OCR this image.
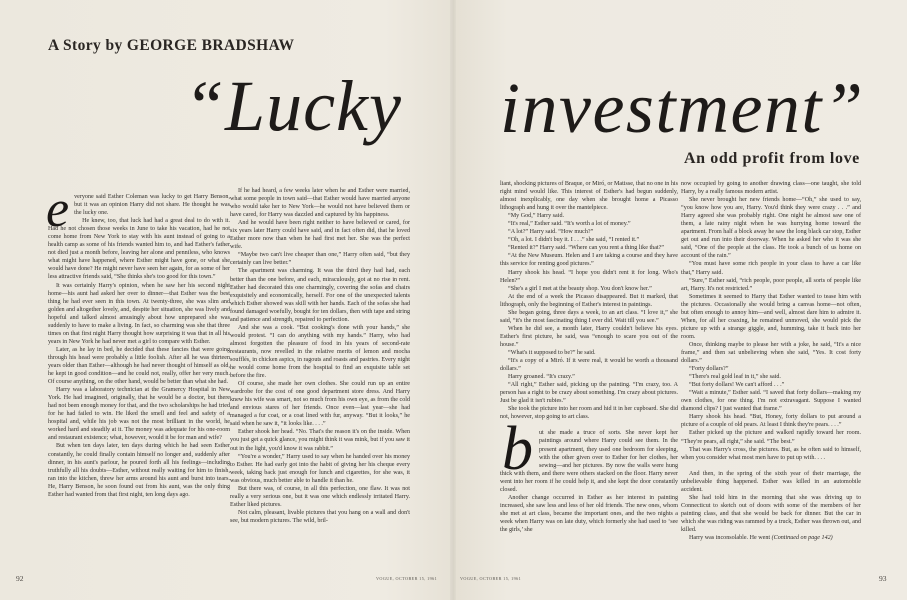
A Story by GEORGE BRADSHAW
“Lucky investment”
An odd profit from love
e veryone said Esther Coleman was lucky to get Harry Benson, but it was an opinion Harry did not share. He thought he was the lucky one.

He knew, too, that luck had had a great deal to do with it. Had he not chosen those weeks in June to take his vacation, had he not come home from New York to stay with his aunt instead of going to a health camp as some of his friends wanted him to, and had Esther's father not died just a month before, leaving her alone and penniless, who knows what might have happened, where Esther might have gone, or what she would have done? He might never have seen her again, for as some of her less attractive friends said, “She thinks she's too good for this town.”

It was certainly Harry's opinion, when he saw her his second night home—his aunt had asked her over to dinner—that Esther was the best thing he had ever seen in this town. At twenty-three, she was slim and golden and altogether lovely, and, despite her situation, she was lively and hopeful and talked almost amusingly about how unprepared she was suddenly to have to make a living. In fact, so charming was she that three times on that first night Harry thought how surprising it was that in all his years in New York he had never met a girl to compare with Esther.

Later, as he lay in bed, he decided that these fancies that were going through his head were probably a little foolish. After all he was thirteen years older than Esther—although he had never thought of himself as old, he kept in good condition—and he could not, really, offer her very much. Of course anything, on the other hand, would be better than what she had.

Harry was a laboratory technician at the Gramercy Hospital in New York. He had imagined, originally, that he would be a doctor, but there had not been enough money for that, and the two scholarships he had tried for he had failed to win. He liked the smell and feel and safety of a hospital and, while his job was not the most brilliant in the world, he worked hard and steadily at it. The money was adequate for his one-room and restaurant existence; what, however, would it be for man and wife?

But when ten days later, ten days during which he had seen Esther constantly, he could finally contain himself no longer and, suddenly after dinner, in his aunt's parlour, he poured forth all his feelings—including truthfully all his doubts—Esther, without really waiting for him to finish, ran into the kitchen, threw her arms around his aunt and burst into tears. He, Harry Benson, he soon found out from his aunt, was the only thing Esther had wanted from that first night, ten long days ago.

If he had heard, a few weeks later when he and Esther were married, what some people in town said—that Esther would have married anyone who would take her to New York—he would not have believed them or have cared, for Harry was dazzled and captured by his happiness.

And he would have been right neither to have believed or cared, for six years later Harry could have said, and in fact often did, that he loved Esther more now than when he had first met her. She was the perfect wife.

“Maybe two can't live cheaper than one,” Harry often said, “but they certainly can live better.”

The apartment was charming. It was the third they had had, each better than the one before, and each, miraculously, got at no rise in rent. Esther had decorated this one charmingly, covering the sofas and chairs exquisitely and economically, herself. For one of the unexpected talents which Esther showed was skill with her hands. Each of the sofas she had found damaged woefully, bought for ten dollars, then with tape and string and patience and strength, repaired to perfection.

And she was a cook. “But cooking's done with your hands,” she would protest. “I can do anything with my hands.” Harry, who had almost forgotten the pleasure of food in his years of second-rate restaurants, now revelled in the relative merits of lemon and mocha soufflés, in chicken aspics, in ragouts and roasts and pastries. Every night he would come home from the hospital to find an exquisite table set before the fire.

Of course, she made her own clothes. She could run up an entire wardrobe for the cost of one good department store dress. And Harry knew his wife was smart, not so much from his own eye, as from the cold and envious stares of her friends. Once even—last year—she had managed a fur coat, or a coat lined with fur, anyway. “But it looks,” he said when he saw it, “it looks like. . . .”

Esther shook her head. “No. That's the reason it's on the inside. When you just get a quick glance, you might think it was mink, but if you saw it out in the light, you'd know it was rabbit.”

“You're a wonder,” Harry used to say when he handed over his money to Esther. He had early got into the habit of giving her his cheque every week, taking back just enough for lunch and cigarettes, for she was, it was obvious, much better able to handle it than he.

But there was, of course, in all this perfection, one flaw. It was not really a very serious one, but it was one which endlessly irritated Harry. Esther liked pictures.

Not calm, pleasant, livable pictures that you hang on a wall and don't see, but modern pictures. The wild, bril-

liant, shocking pictures of Braque, or Miró, or Matisse, that no one in his right mind would like. This interest of Esther's had begun suddenly, almost inexplicably, one day when she brought home a Picasso lithograph and hung it over the mantelpiece.

“My God,” Harry said.

“It's real,” Esther said. “It's worth a lot of money.”

“A lot?” Harry said. “How much?”

“Oh, a lot. I didn't buy it. I . . .” she said, “I rented it.”

“Rented it?” Harry said. “Where can you rent a thing like that?”

“At the New Museum. Helen and I are taking a course and they have this service for renting good pictures.”

Harry shook his head. “I hope you didn't rent it for long. Who's Helen?”

“She's a girl I met at the beauty shop. You don't know her.”

At the end of a week the Picasso disappeared. But it marked, that lithograph, only the beginning of Esther's interest in paintings.

She began going, three days a week, to an art class. “I love it,” she said, “it's the most fascinating thing I ever did. Wait till you see.”

When he did see, a month later, Harry couldn't believe his eyes. Esther's first picture, he said, was “enough to scare you out of the house.”

“What's it supposed to be?” he said.

“It's a copy of a Miró. If it were real, it would be worth a thousand dollars.”

Harry groaned. “It's crazy.”

“All right,” Esther said, picking up the painting. “I'm crazy, too. A person has a right to be crazy about something. I'm crazy about pictures. Just be glad it isn't rubies.”

She took the picture into her room and hid it in her cupboard. She did not, however, stop going to art class.

b ut she made a truce of sorts. She never kept her paintings around where Harry could see them. In the present apartment, they used one bedroom for sleeping, with the other given over to Esther for her clothes, her sewing—and her pictures. By now the walls were hung thick with them, and there were others stacked on the floor. Harry never went into her room if he could help it, and she kept the door constantly closed.

Another change occurred in Esther as her interest in painting increased, she saw less and less of her old friends. The new ones, whom she met at art class, became the important ones, and the two nights a week when Harry was on late duty, which formerly she had used to ‘see the girls,’ she

now occupied by going to another drawing class—one taught, she told Harry, by a really famous modern artist.

She never brought her new friends home—“Oh,” she used to say, “you know how you are, Harry. You'd think they were crazy . . .” and Harry agreed she was probably right. One night he almost saw one of them, a late rainy night when he was hurrying home toward the apartment. From half a block away he saw the long black car stop, Esther get out and run into their doorway. When he asked her who it was she said, “One of the people at the class. He took a bunch of us home on account of the rain.”

“You must have some rich people in your class to have a car like that,” Harry said.

“Sure,” Esther said, “rich people, poor people, all sorts of people like art, Harry. It's not restricted.”

Sometimes it seemed to Harry that Esther wanted to tease him with the pictures. Occasionally she would bring a canvas home—not often, but often enough to annoy him—and well, almost dare him to admire it. When, for all her coaxing, he remained unmoved, she would pick the picture up with a strange giggle, and, humming, take it back into her room.

Once, thinking maybe to please her with a joke, he said, “It's a nice frame,” and then sat unbelieving when she said, “Yes. It cost forty dollars.”

“Forty dollars?”

“There's real gold leaf in it,” she said.

“But forty dollars! We can't afford . . .”

“Wait a minute,” Esther said. “I saved that forty dollars—making my own clothes, for one thing. I'm not extravagant. Suppose I wanted diamond clips? I just wanted that frame.”

Harry shook his head. “But, Honey, forty dollars to put around a picture of a couple of old pears. At least I think they're pears. . . .”

Esther picked up the picture and walked rapidly toward her room. “They're pears, all right,” she said. “The best.”

That was Harry's cross, the pictures. But, as he often said to himself, when you consider what most men have to put up with. . . .

And then, in the spring of the sixth year of their marriage, the unbelievable thing happened. Esther was killed in an automobile accident.

She had told him in the morning that she was driving up to Connecticut to sketch out of doors with some of the members of her painting class, and that she would be back for dinner. But the car in which she was riding was rammed by a truck, Esther was thrown out, and killed.

Harry was inconsolable. He went (Continued on page 142)

92	93
VOGUE, OCTOBER 15, 1961	VOGUE, OCTOBER 15, 1961
